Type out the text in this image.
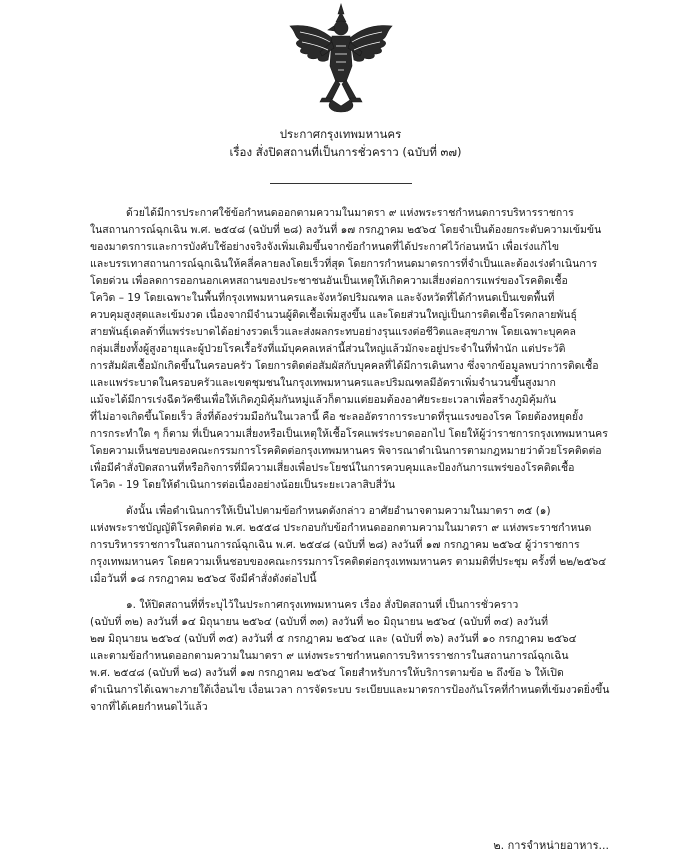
ประกาศกรุงเทพมหานคร
เรื่อง สั่งปิดสถานที่เป็นการชั่วคราว (ฉบับที่ ๓๗)
ด้วยได้มีการประกาศใช้ข้อกำหนดออกตามความในมาตรา ๙ แห่งพระราชกำหนดการบริหารราชการ
ในสถานการณ์ฉุกเฉิน พ.ศ. ๒๕๔๘ (ฉบับที่ ๒๘) ลงวันที่ ๑๗ กรกฎาคม ๒๕๖๔ โดยจำเป็นต้องยกระดับความเข้มข้น
ของมาตรการและการบังคับใช้อย่างจริงจังเพิ่มเติมขึ้นจากข้อกำหนดที่ได้ประกาศไว้ก่อนหน้า เพื่อเร่งแก้ไข
และบรรเทาสถานการณ์ฉุกเฉินให้คลี่คลายลงโดยเร็วที่สุด โดยการกำหนดมาตรการที่จำเป็นและต้องเร่งดำเนินการ
โดยด่วน เพื่อลดการออกนอกเคหสถานของประชาชนอันเป็นเหตุให้เกิดความเสี่ยงต่อการแพร่ของโรคติดเชื้อ
โควิด – 19 โดยเฉพาะในพื้นที่กรุงเทพมหานครและจังหวัดปริมณฑล และจังหวัดที่ได้กำหนดเป็นเขตพื้นที่
ควบคุมสูงสุดและเข้มงวด เนื่องจากมีจำนวนผู้ติดเชื้อเพิ่มสูงขึ้น และโดยส่วนใหญ่เป็นการติดเชื้อโรคกลายพันธุ์
สายพันธุ์เดลต้าที่แพร่ระบาดได้อย่างรวดเร็วและส่งผลกระทบอย่างรุนแรงต่อชีวิตและสุขภาพ โดยเฉพาะบุคคล
กลุ่มเสี่ยงทั้งผู้สูงอายุและผู้ป่วยโรคเรื้อรังที่แม้บุคคลเหล่านี้ส่วนใหญ่แล้วมักจะอยู่ประจำในที่พำนัก แต่ประวัติ
การสัมผัสเชื้อมักเกิดขึ้นในครอบครัว โดยการติดต่อสัมผัสกับบุคคลที่ได้มีการเดินทาง ซึ่งจากข้อมูลพบว่าการติดเชื้อ
และแพร่ระบาดในครอบครัวและเขตชุมชนในกรุงเทพมหานครและปริมณฑลมีอัตราเพิ่มจำนวนขึ้นสูงมาก
แม้จะได้มีการเร่งฉีดวัคซีนเพื่อให้เกิดภูมิคุ้มกันหมู่แล้วก็ตามแต่ยอมต้องอาศัยระยะเวลาเพื่อสร้างภูมิคุ้มกัน
ที่ไม่อาจเกิดขึ้นโดยเร็ว สิ่งที่ต้องร่วมมือกันในเวลานี้ คือ ชะลออัตราการระบาดที่รุนแรงของโรค โดยต้องหยุดยั้ง
การกระทำใด ๆ ก็ตาม ที่เป็นความเสี่ยงหรือเป็นเหตุให้เชื้อโรคแพร่ระบาดออกไป โดยให้ผู้ว่าราชการกรุงเทพมหานคร
โดยความเห็นชอบของคณะกรรมการโรคติดต่อกรุงเทพมหานคร พิจารณาดำเนินการตามกฎหมายว่าด้วยโรคติดต่อ
เพื่อมีคำสั่งปิดสถานที่หรือกิจการที่มีความเสี่ยงเพื่อประโยชน์ในการควบคุมและป้องกันการแพร่ของโรคติดเชื้อ
โควิด - 19 โดยให้ดำเนินการต่อเนื่องอย่างน้อยเป็นระยะเวลาสิบสี่วัน
ดังนั้น เพื่อดำเนินการให้เป็นไปตามข้อกำหนดดังกล่าว อาศัยอำนาจตามความในมาตรา ๓๕ (๑)
แห่งพระราชบัญญัติโรคติดต่อ พ.ศ. ๒๕๕๘ ประกอบกับข้อกำหนดออกตามความในมาตรา ๙ แห่งพระราชกำหนด
การบริหารราชการในสถานการณ์ฉุกเฉิน พ.ศ. ๒๕๔๘ (ฉบับที่ ๒๘) ลงวันที่ ๑๗ กรกฎาคม ๒๕๖๔ ผู้ว่าราชการ
กรุงเทพมหานคร โดยความเห็นชอบของคณะกรรมการโรคติดต่อกรุงเทพมหานคร ตามมติที่ประชุม ครั้งที่ ๒๒/๒๕๖๔
เมื่อวันที่ ๑๘ กรกฎาคม ๒๕๖๔ จึงมีคำสั่งดังต่อไปนี้
๑. ให้ปิดสถานที่ที่ระบุไว้ในประกาศกรุงเทพมหานคร เรื่อง สั่งปิดสถานที่ เป็นการชั่วคราว
(ฉบับที่ ๓๒) ลงวันที่ ๑๔ มิถุนายน ๒๕๖๔ (ฉบับที่ ๓๓) ลงวันที่ ๒๐ มิถุนายน ๒๕๖๔ (ฉบับที่ ๓๔) ลงวันที่
๒๗ มิถุนายน ๒๕๖๔ (ฉบับที่ ๓๕) ลงวันที่ ๕ กรกฎาคม ๒๕๖๔ และ (ฉบับที่ ๓๖) ลงวันที่ ๑๐ กรกฎาคม ๒๕๖๔
และตามข้อกำหนดออกตามความในมาตรา ๙ แห่งพระราชกำหนดการบริหารราชการในสถานการณ์ฉุกเฉิน
พ.ศ. ๒๕๔๘ (ฉบับที่ ๒๘) ลงวันที่ ๑๗ กรกฎาคม ๒๕๖๔ โดยสำหรับการให้บริการตามข้อ ๒ ถึงข้อ ๖ ให้เปิด
ดำเนินการได้เฉพาะภายใต้เงื่อนไข เงื่อนเวลา การจัดระบบ ระเบียบและมาตรการป้องกันโรคที่กำหนดที่เข้มงวดยิ่งขึ้น
จากที่ได้เคยกำหนดไว้แล้ว
๒. การจำหน่ายอาหาร...
